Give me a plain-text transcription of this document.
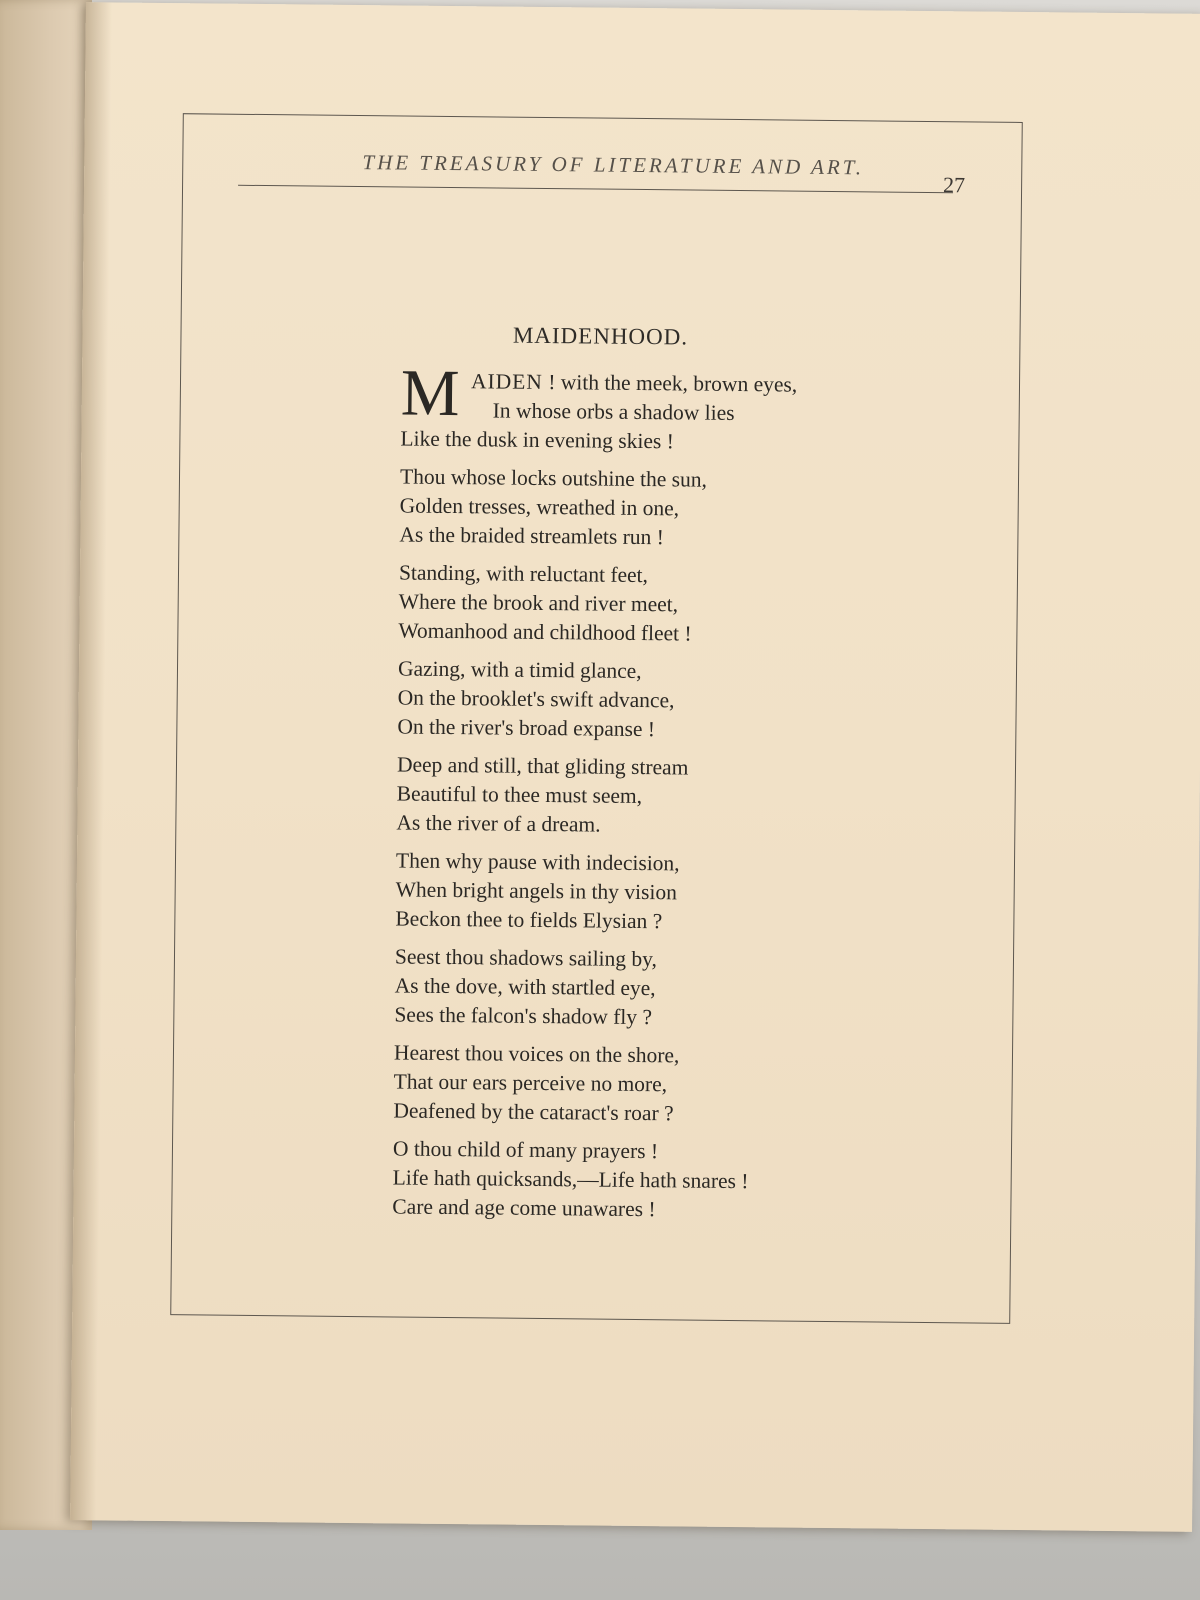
THE TREASURY OF LITERATURE AND ART.
27
MAIDENHOOD.
M AIDEN ! with the meek, brown eyes,
In whose orbs a shadow lies
Like the dusk in evening skies !
Thou whose locks outshine the sun,
Golden tresses, wreathed in one,
As the braided streamlets run !
Standing, with reluctant feet,
Where the brook and river meet,
Womanhood and childhood fleet !
Gazing, with a timid glance,
On the brooklet's swift advance,
On the river's broad expanse !
Deep and still, that gliding stream
Beautiful to thee must seem,
As the river of a dream.
Then why pause with indecision,
When bright angels in thy vision
Beckon thee to fields Elysian ?
Seest thou shadows sailing by,
As the dove, with startled eye,
Sees the falcon's shadow fly ?
Hearest thou voices on the shore,
That our ears perceive no more,
Deafened by the cataract's roar ?
O thou child of many prayers !
Life hath quicksands,—Life hath snares !
Care and age come unawares !
